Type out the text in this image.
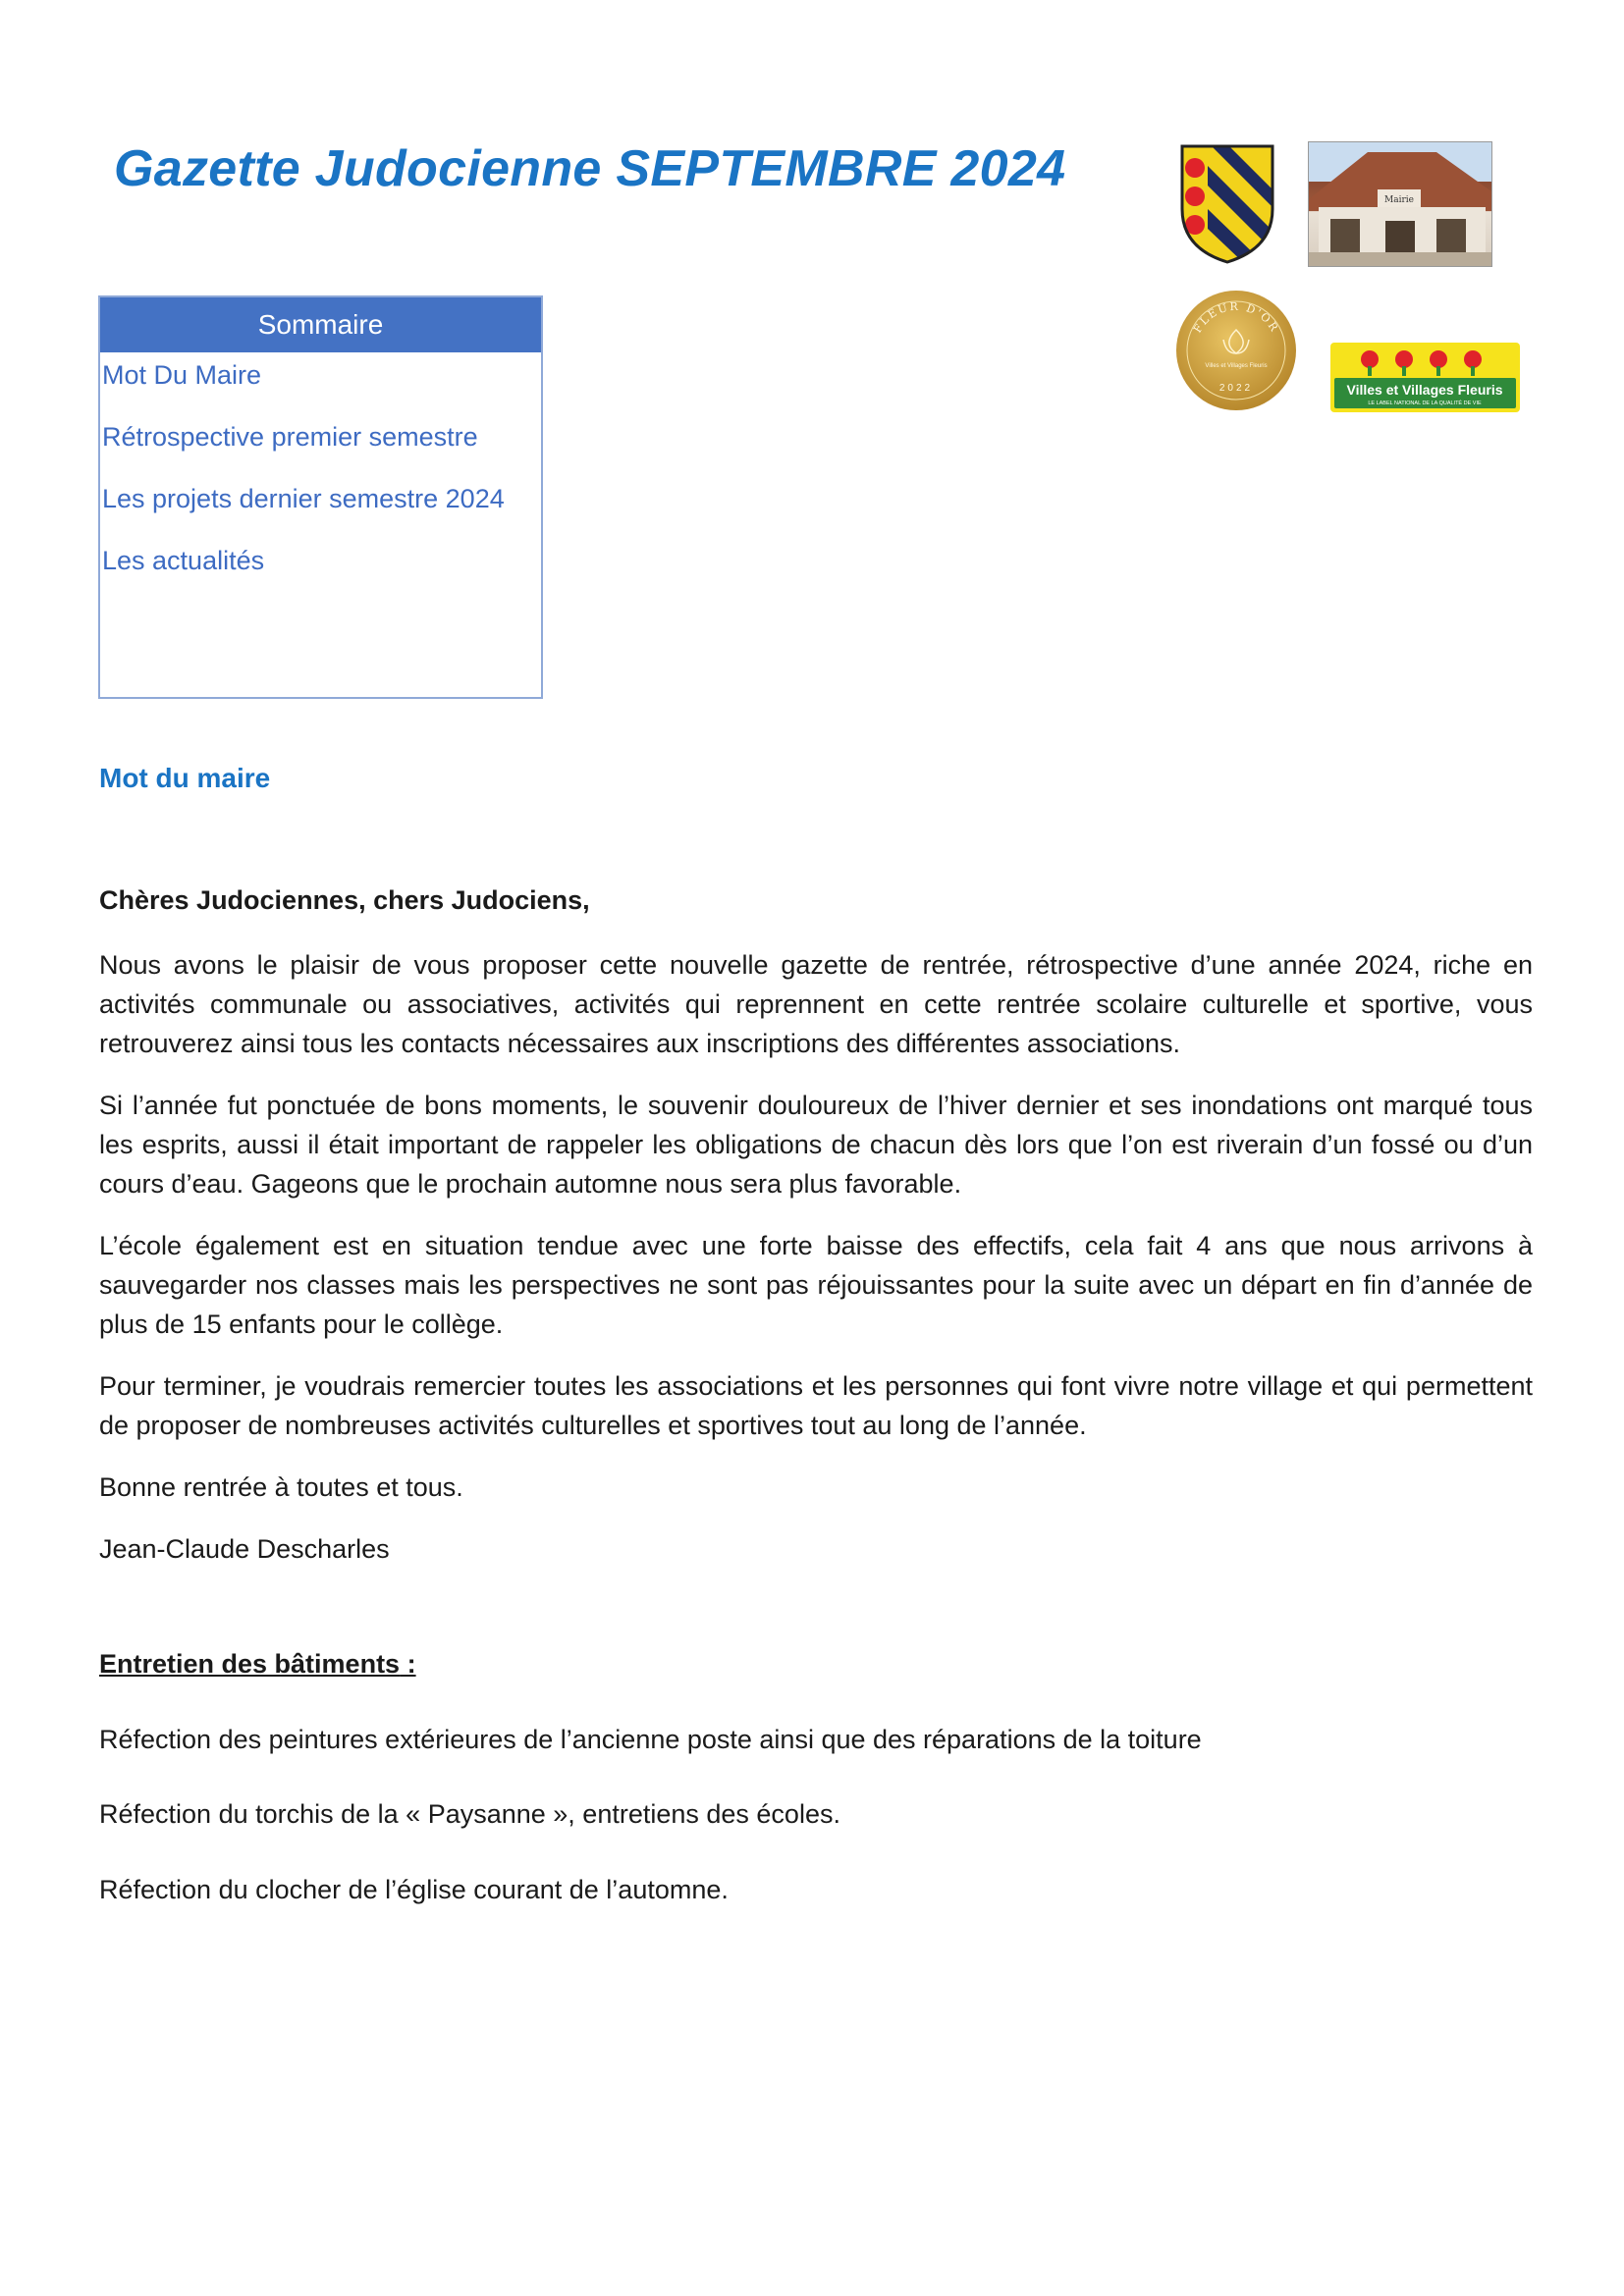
Gazette Judocienne SEPTEMBRE 2024
Mairie
FLEUR D'OR
Villes et Villages Fleuris
2022	Villes et Villages Fleuris
LE LABEL NATIONAL DE LA QUALITÉ DE VIE
Sommaire
Mot Du Maire
Rétrospective premier semestre
Les projets dernier semestre 2024
Les actualités
Mot du maire
Chères Judociennes, chers Judociens,

Nous avons le plaisir de vous proposer cette nouvelle gazette de rentrée, rétrospective d’une année 2024, riche en activités communale ou associatives, activités qui reprennent en cette rentrée scolaire culturelle et sportive, vous retrouverez ainsi tous les contacts nécessaires aux inscriptions des différentes associations.

Si l’année fut ponctuée de bons moments, le souvenir douloureux de l’hiver dernier et ses inondations ont marqué tous les esprits, aussi il était important de rappeler les obligations de chacun dès lors que l’on est riverain d’un fossé ou d’un cours d’eau. Gageons que le prochain automne nous sera plus favorable.

L’école également est en situation tendue avec une forte baisse des effectifs, cela fait 4 ans que nous arrivons à sauvegarder nos classes mais les perspectives ne sont pas réjouissantes pour la suite avec un départ en fin d’année de plus de 15 enfants pour le collège.

Pour terminer, je voudrais remercier toutes les associations et les personnes qui font vivre notre village et qui permettent de proposer de nombreuses activités culturelles et sportives tout au long de l’année.

Bonne rentrée à toutes et tous.

Jean-Claude Descharles

Entretien des bâtiments :
Réfection des peintures extérieures de l’ancienne poste ainsi que des réparations de la toiture
Réfection du torchis de la « Paysanne », entretiens des écoles.
Réfection du clocher de l’église courant de l’automne.
